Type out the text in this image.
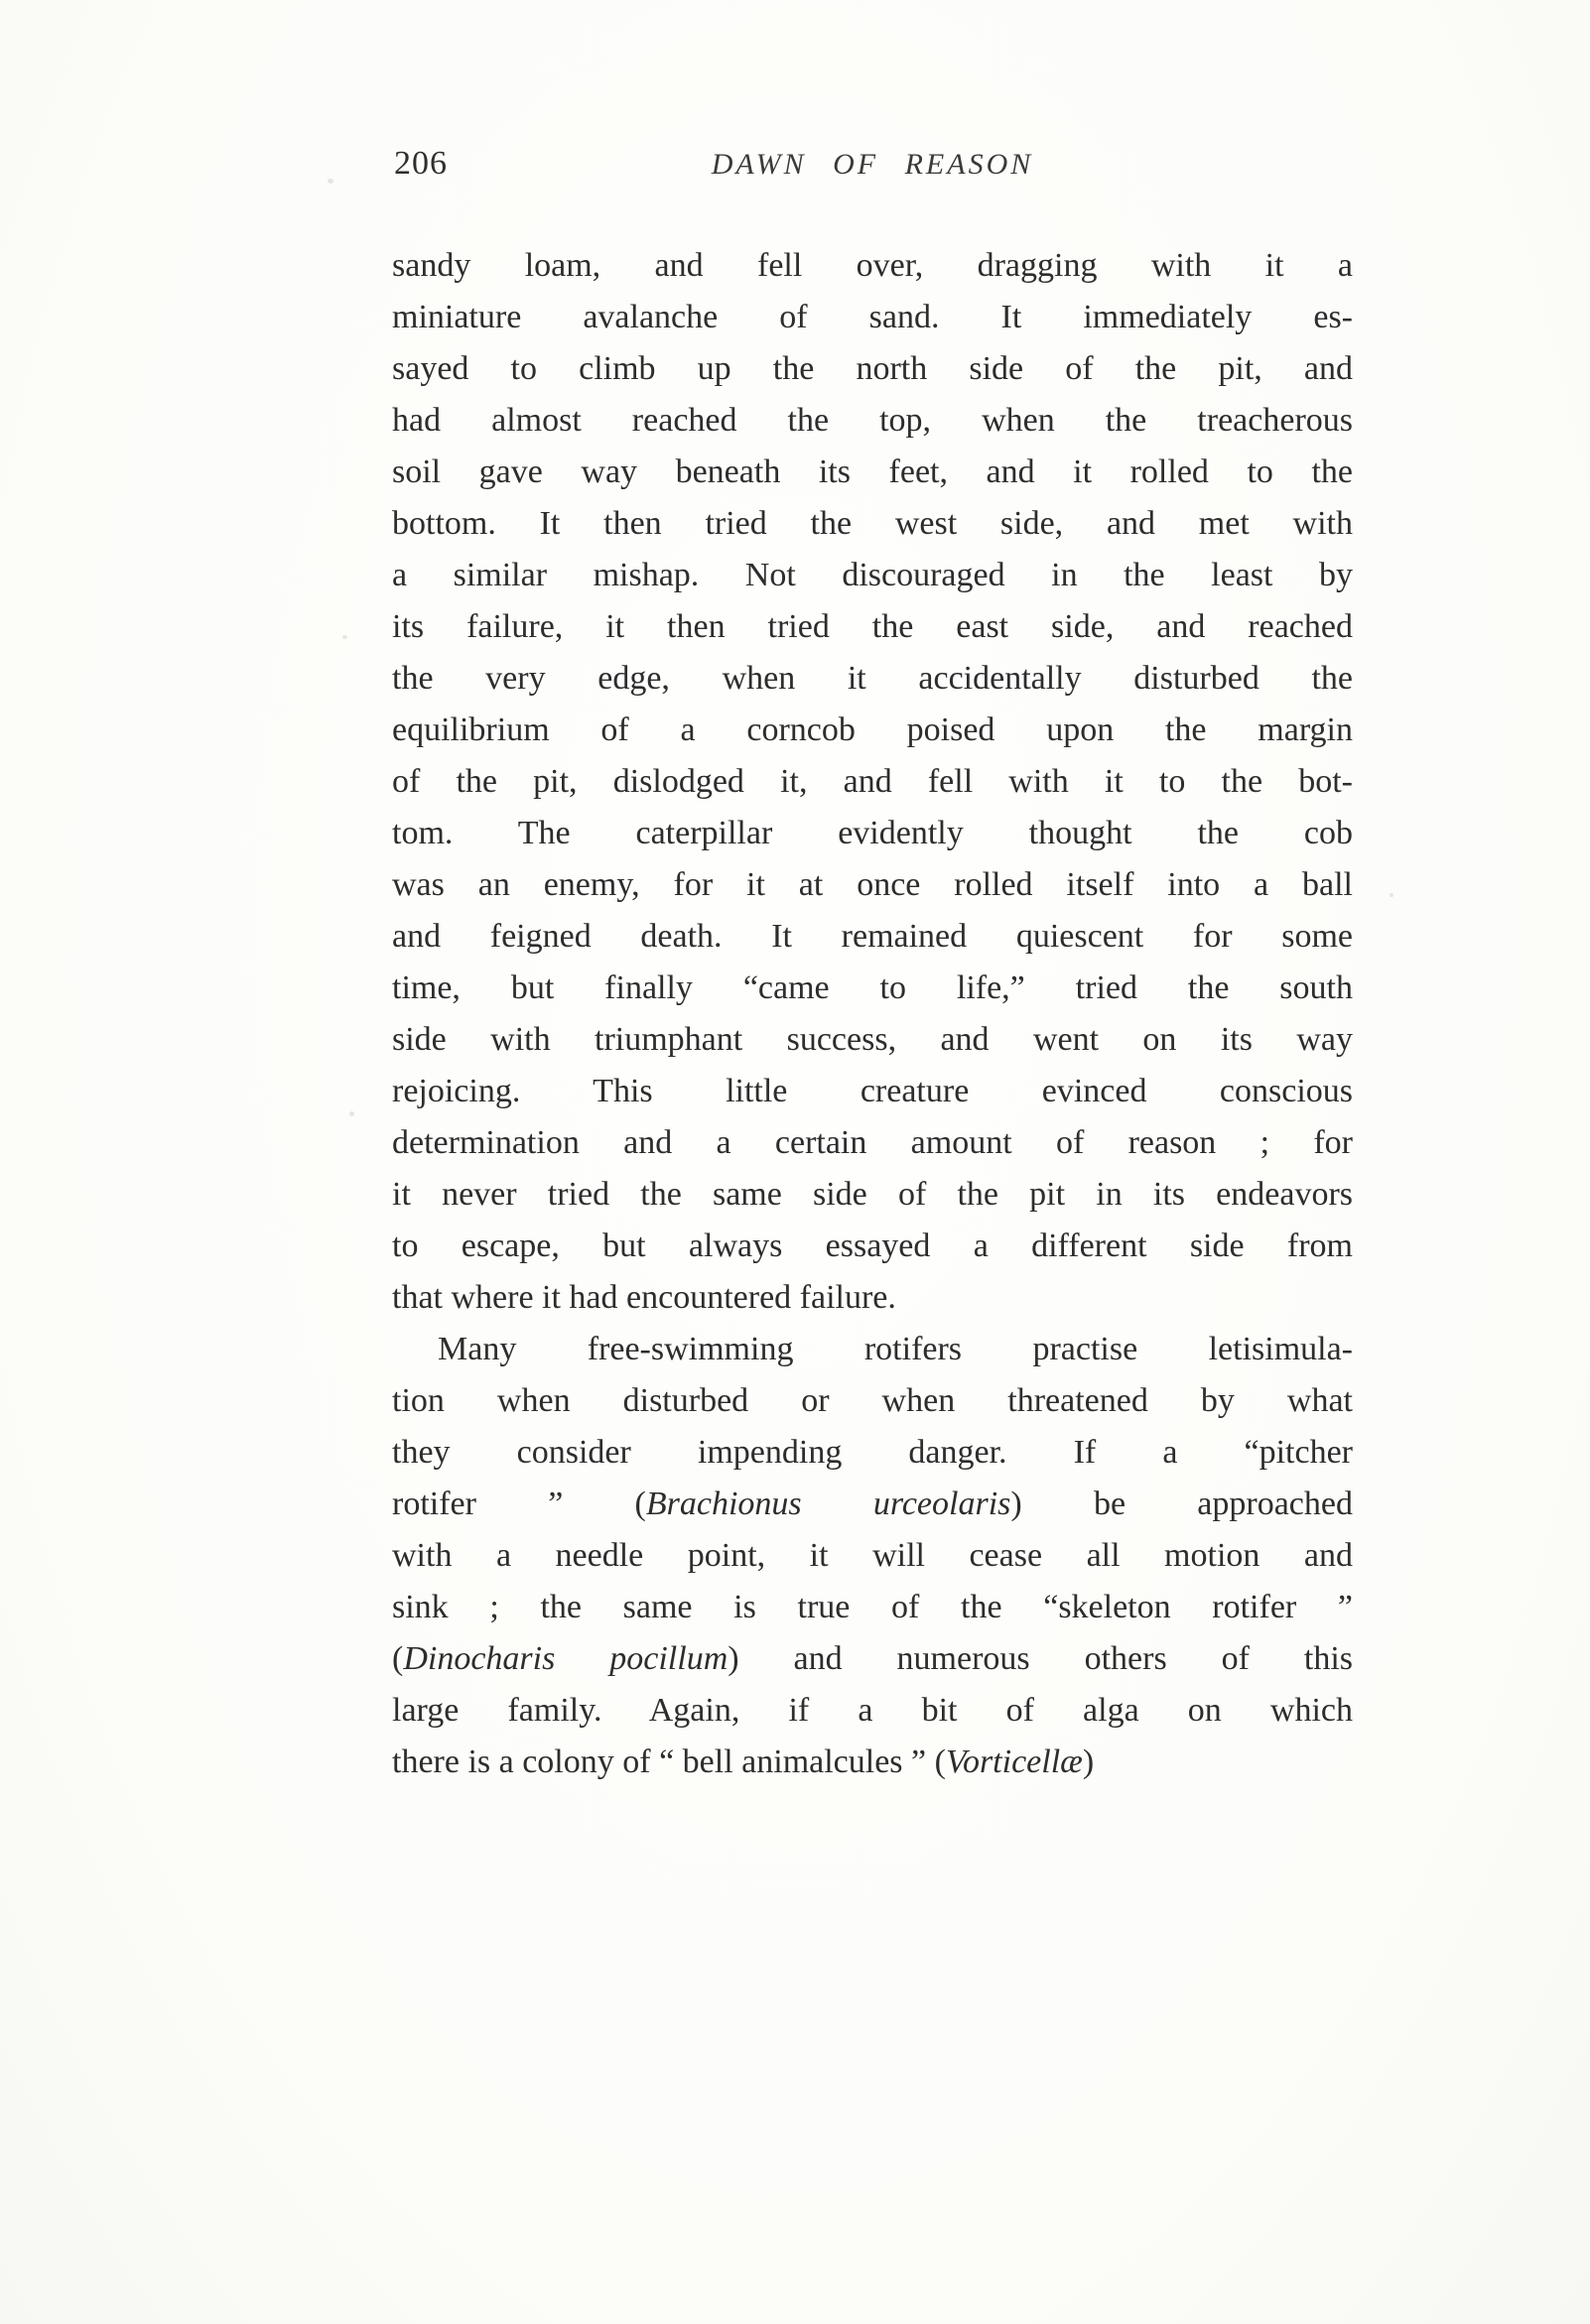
206	DAWN OF REASON
sandy loam, and fell over, dragging with it a
miniature avalanche of sand. It immediately es-
sayed to climb up the north side of the pit, and
had almost reached the top, when the treacherous
soil gave way beneath its feet, and it rolled to the
bottom. It then tried the west side, and met with
a similar mishap. Not discouraged in the least by
its failure, it then tried the east side, and reached
the very edge, when it accidentally disturbed the
equilibrium of a corncob poised upon the margin
of the pit, dislodged it, and fell with it to the bot-
tom. The caterpillar evidently thought the cob
was an enemy, for it at once rolled itself into a ball
and feigned death. It remained quiescent for some
time, but finally “came to life,” tried the south
side with triumphant success, and went on its way
rejoicing. This little creature evinced conscious
determination and a certain amount of reason ; for
it never tried the same side of the pit in its endeavors
to escape, but always essayed a different side from
that where it had encountered failure.
Many free-swimming rotifers practise letisimula-
tion when disturbed or when threatened by what
they consider impending danger. If a “pitcher
rotifer ” (Brachionus urceolaris) be approached
with a needle point, it will cease all motion and
sink ; the same is true of the “skeleton rotifer ”
(Dinocharis pocillum) and numerous others of this
large family. Again, if a bit of alga on which
there is a colony of “ bell animalcules ” (Vorticellæ)
